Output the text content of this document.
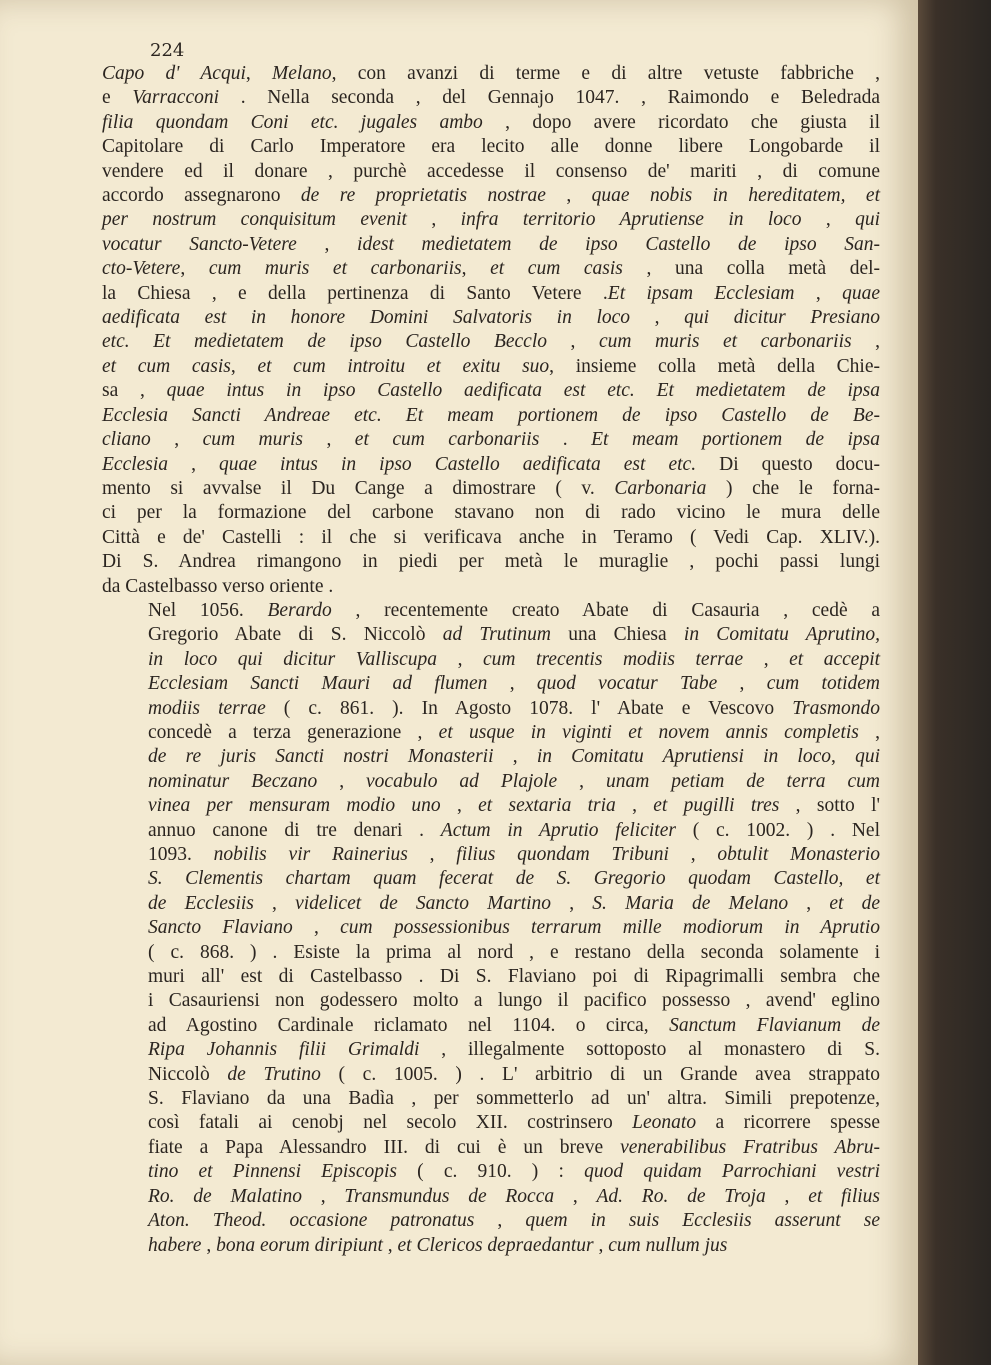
224

Capo d' Acqui, Melano, con avanzi di terme e di altre vetuste fabbriche ,
e Varracconi . Nella seconda , del Gennajo 1047. , Raimondo e Beledrada
filia quondam Coni etc. jugales ambo , dopo avere ricordato che giusta il
Capitolare di Carlo Imperatore era lecito alle donne libere Longobarde il
vendere ed il donare , purchè accedesse il consenso de' mariti , di comune
accordo assegnarono de re proprietatis nostrae , quae nobis in hereditatem, et
per nostrum conquisitum evenit , infra territorio Aprutiense in loco , qui
vocatur Sancto-Vetere , idest medietatem de ipso Castello de ipso San-
cto-Vetere, cum muris et carbonariis, et cum casis , una colla metà del-
la Chiesa , e della pertinenza di Santo Vetere .Et ipsam Ecclesiam , quae
aedificata est in honore Domini Salvatoris in loco , qui dicitur Presiano
etc. Et medietatem de ipso Castello Becclo , cum muris et carbonariis ,
et cum casis, et cum introitu et exitu suo, insieme colla metà della Chie-
sa , quae intus in ipso Castello aedificata est etc. Et medietatem de ipsa
Ecclesia Sancti Andreae etc. Et meam portionem de ipso Castello de Be-
cliano , cum muris , et cum carbonariis . Et meam portionem de ipsa
Ecclesia , quae intus in ipso Castello aedificata est etc. Di questo docu-
mento si avvalse il Du Cange a dimostrare ( v. Carbonaria ) che le forna-
ci per la formazione del carbone stavano non di rado vicino le mura delle
Città e de' Castelli : il che si verificava anche in Teramo ( Vedi Cap. XLIV.).
Di S. Andrea rimangono in piedi per metà le muraglie , pochi passi lungi
da Castelbasso verso oriente .

Nel 1056. Berardo , recentemente creato Abate di Casauria , cedè a
Gregorio Abate di S. Niccolò ad Trutinum una Chiesa in Comitatu Aprutino,
in loco qui dicitur Valliscupa , cum trecentis modiis terrae , et accepit
Ecclesiam Sancti Mauri ad flumen , quod vocatur Tabe , cum totidem
modiis terrae ( c. 861. ). In Agosto 1078. l' Abate e Vescovo Trasmondo
concedè a terza generazione , et usque in viginti et novem annis completis ,
de re juris Sancti nostri Monasterii , in Comitatu Aprutiensi in loco, qui
nominatur Beczano , vocabulo ad Plajole , unam petiam de terra cum
vinea per mensuram modio uno , et sextaria tria , et pugilli tres , sotto l'
annuo canone di tre denari . Actum in Aprutio feliciter ( c. 1002. ) . Nel
1093. nobilis vir Rainerius , filius quondam Tribuni , obtulit Monasterio
S. Clementis chartam quam fecerat de S. Gregorio quodam Castello, et
de Ecclesiis , videlicet de Sancto Martino , S. Maria de Melano , et de
Sancto Flaviano , cum possessionibus terrarum mille modiorum in Aprutio
( c. 868. ) . Esiste la prima al nord , e restano della seconda solamente i
muri all' est di Castelbasso . Di S. Flaviano poi di Ripagrimalli sembra che
i Casauriensi non godessero molto a lungo il pacifico possesso , avend' eglino
ad Agostino Cardinale riclamato nel 1104. o circa, Sanctum Flavianum de
Ripa Johannis filii Grimaldi , illegalmente sottoposto al monastero di S.
Niccolò de Trutino ( c. 1005. ) . L' arbitrio di un Grande avea strappato
S. Flaviano da una Badìa , per sommetterlo ad un' altra. Simili prepotenze,
così fatali ai cenobj nel secolo XII. costrinsero Leonato a ricorrere spesse
fiate a Papa Alessandro III. di cui è un breve venerabilibus Fratribus Abru-
tino et Pinnensi Episcopis ( c. 910. ) : quod quidam Parrochiani vestri
Ro. de Malatino , Transmundus de Rocca , Ad. Ro. de Troja , et filius
Aton. Theod. occasione patronatus , quem in suis Ecclesiis asserunt se
habere , bona eorum diripiunt , et Clericos depraedantur , cum nullum jus
